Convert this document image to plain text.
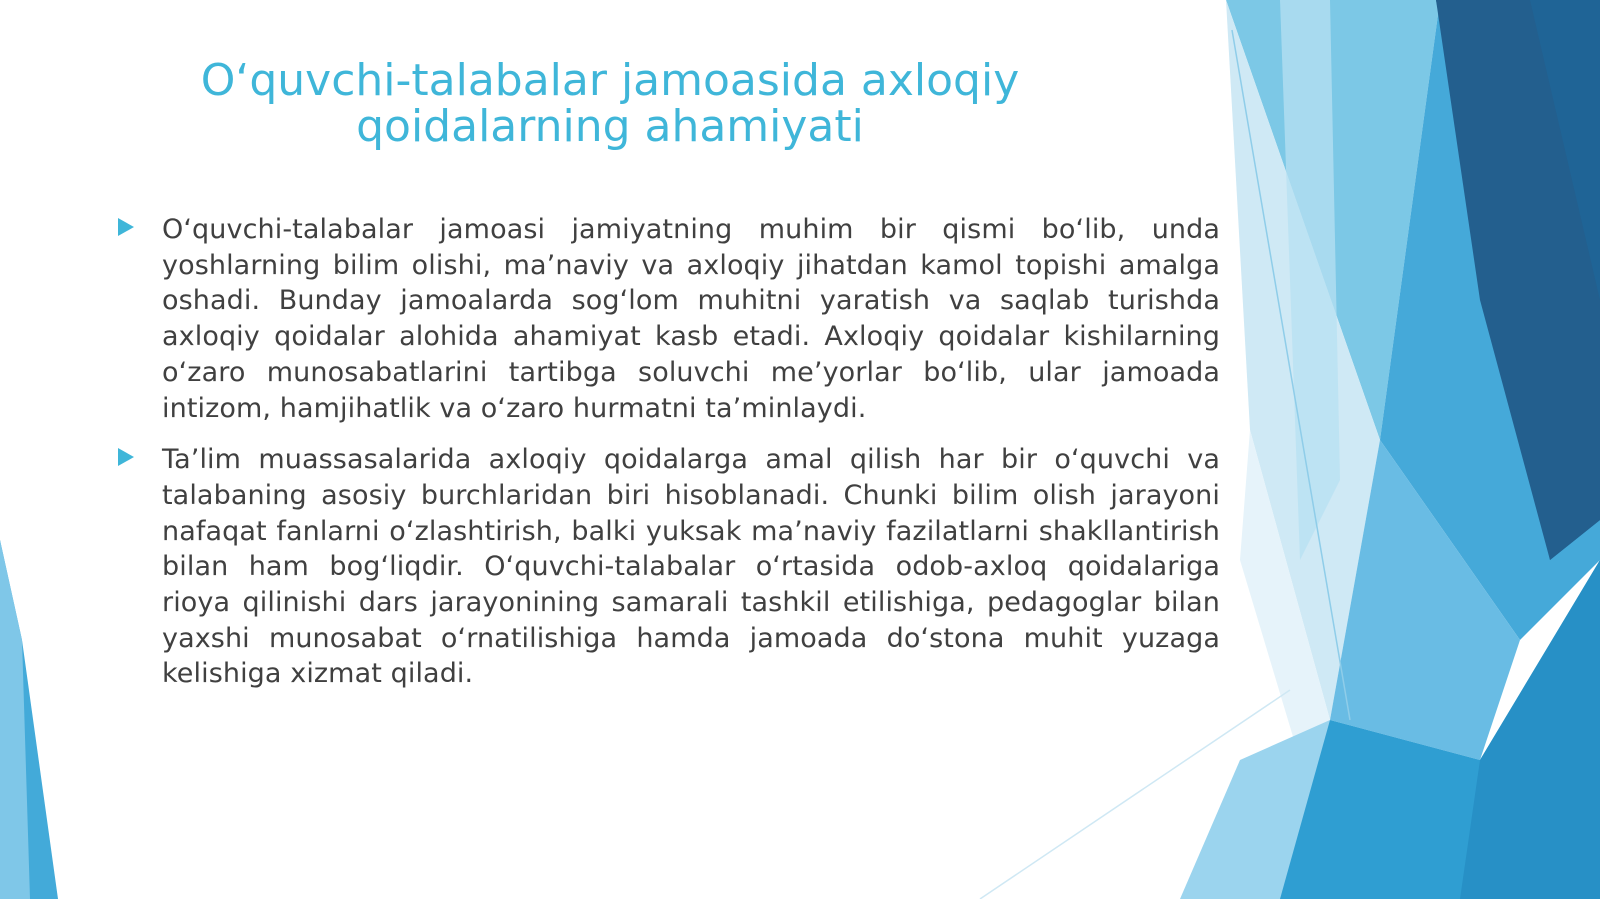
O‘quvchi-talabalar jamoasida axloqiy qoidalarning ahamiyati
O‘quvchi-talabalar jamoasi jamiyatning muhim bir qismi bo‘lib, unda yoshlarning bilim olishi, ma’naviy va axloqiy jihatdan kamol topishi amalga oshadi. Bunday jamoalarda sog‘lom muhitni yaratish va saqlab turishda axloqiy qoidalar alohida ahamiyat kasb etadi. Axloqiy qoidalar kishilarning o‘zaro munosabatlarini tartibga soluvchi me’yorlar bo‘lib, ular jamoada intizom, hamjihatlik va o‘zaro hurmatni ta’minlaydi.
Ta’lim muassasalarida axloqiy qoidalarga amal qilish har bir o‘quvchi va talabaning asosiy burchlaridan biri hisoblanadi. Chunki bilim olish jarayoni nafaqat fanlarni o‘zlashtirish, balki yuksak ma’naviy fazilatlarni shakllantirish bilan ham bog‘liqdir. O‘quvchi-talabalar o‘rtasida odob-axloq qoidalariga rioya qilinishi dars jarayonining samarali tashkil etilishiga, pedagoglar bilan yaxshi munosabat o‘rnatilishiga hamda jamoada do‘stona muhit yuzaga kelishiga xizmat qiladi.
